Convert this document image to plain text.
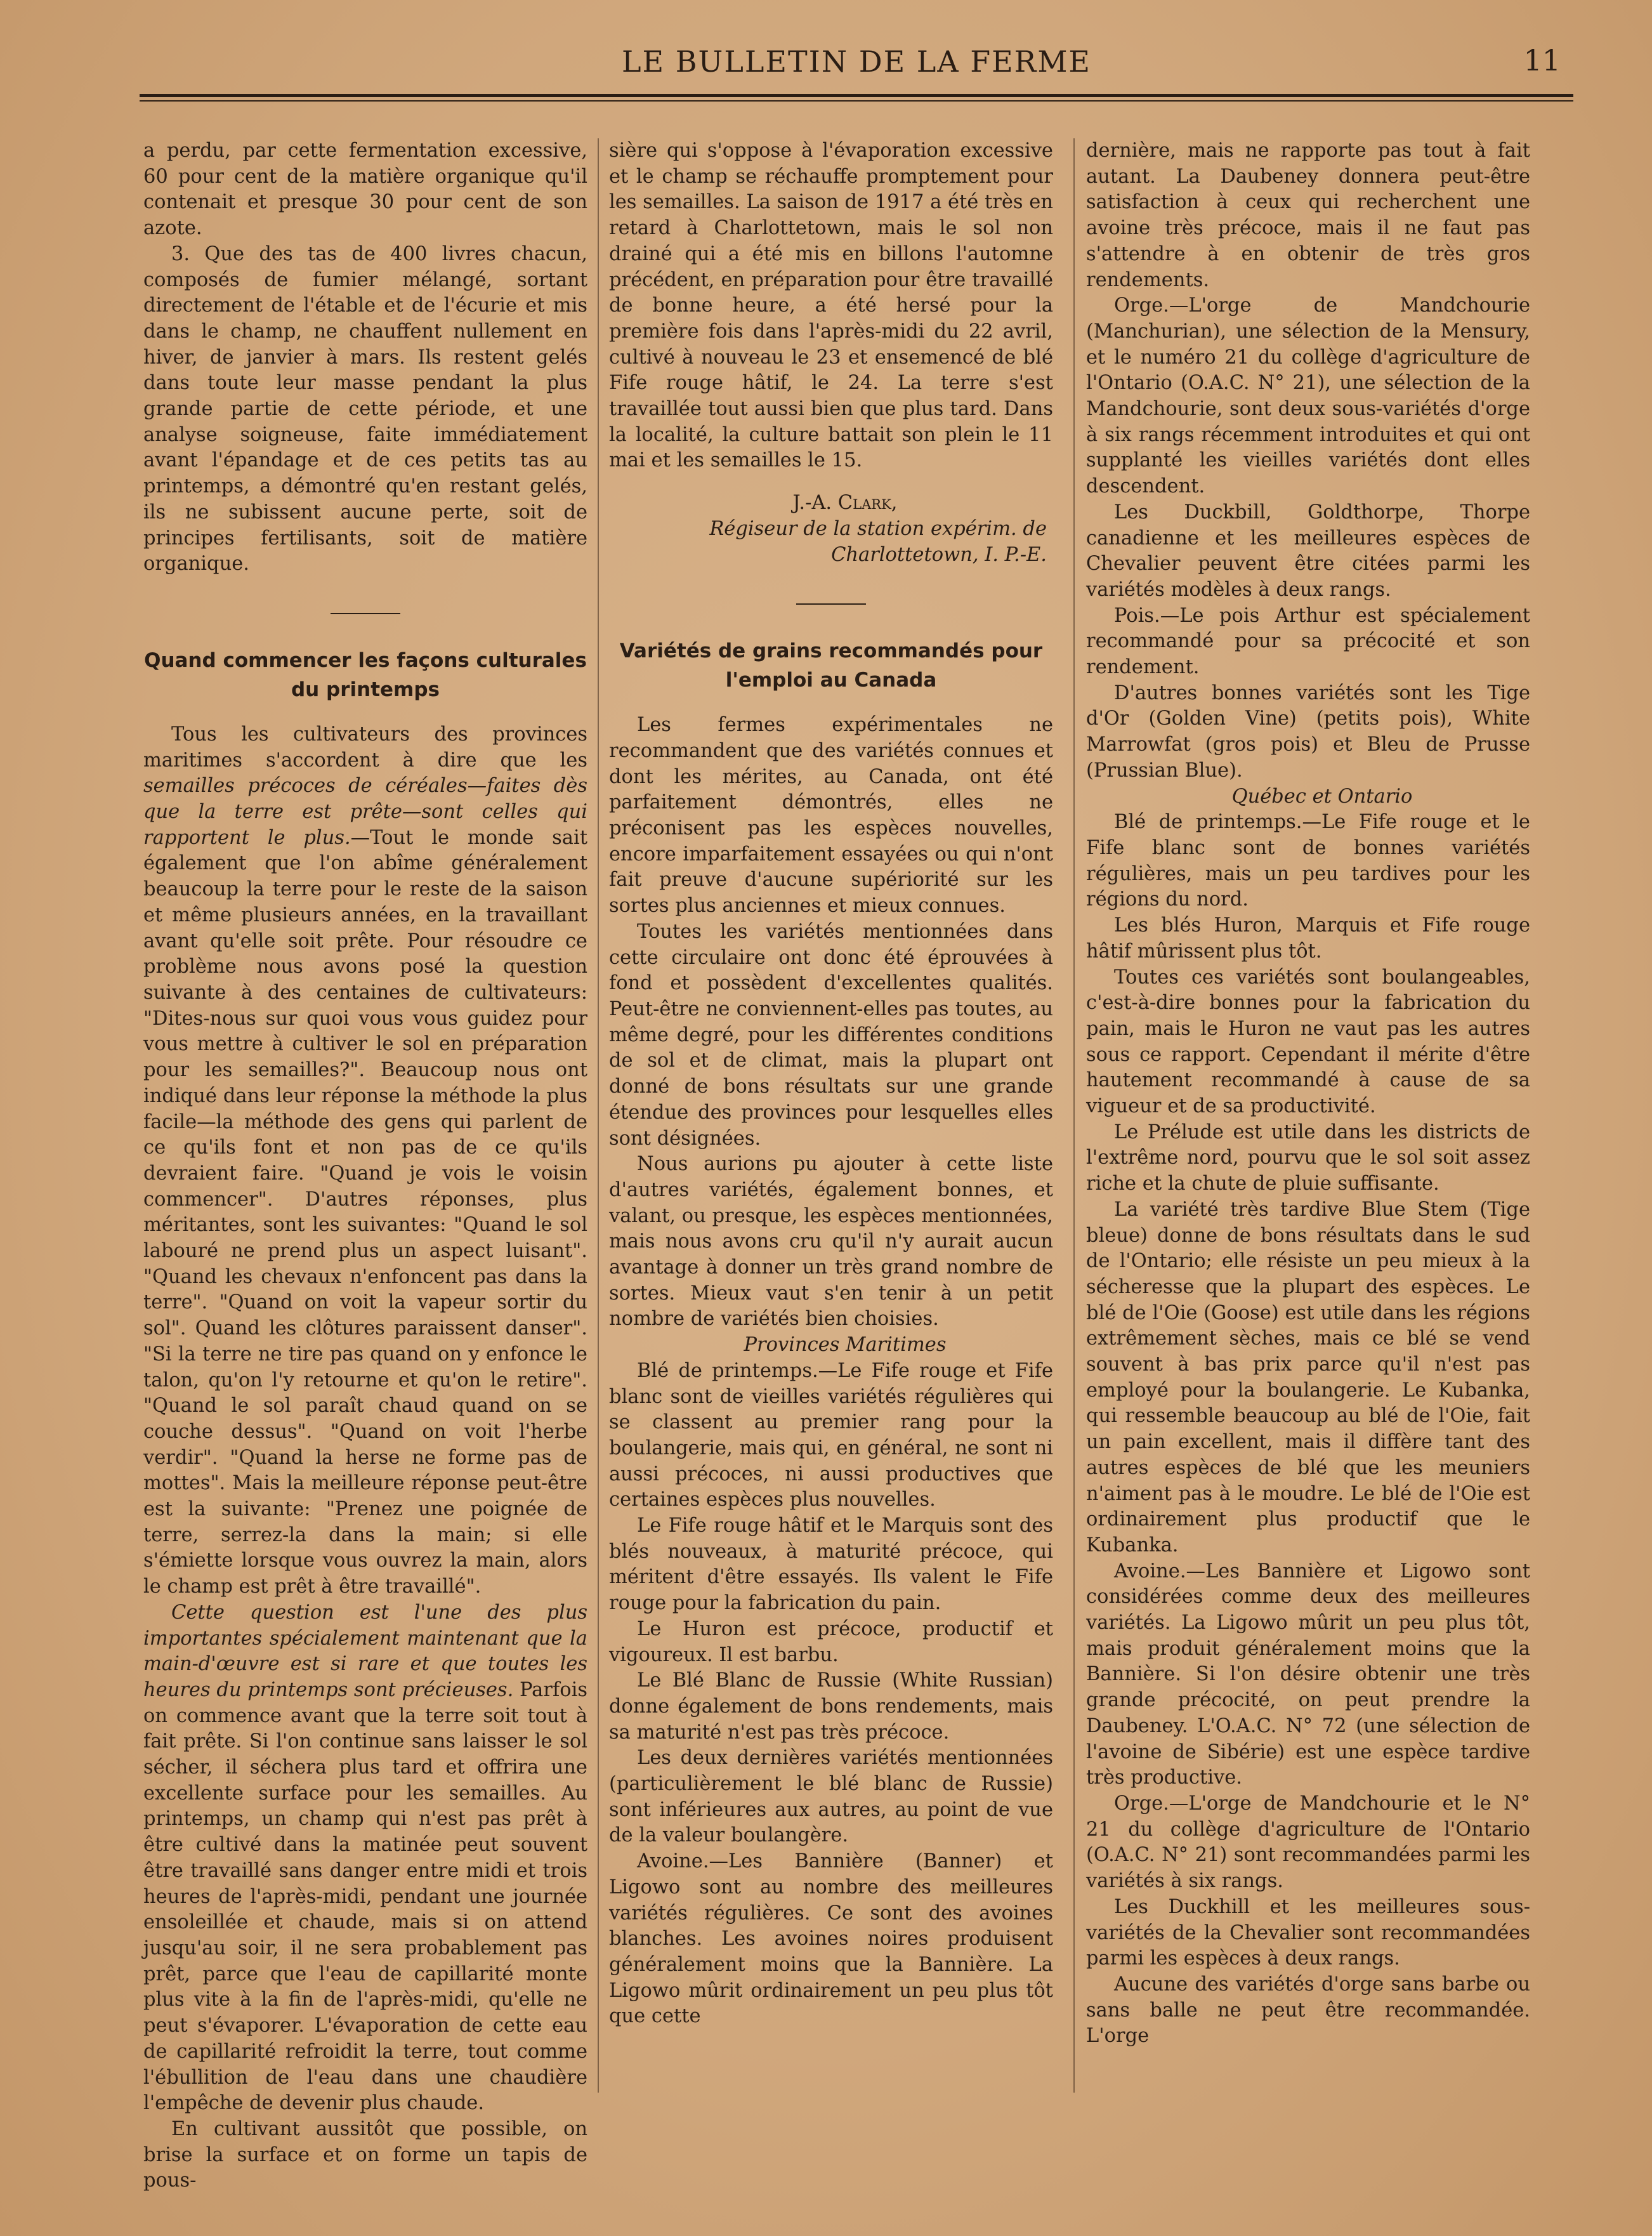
LE BULLETIN DE LA FERME	11

a perdu, par cette fermentation excessive, 60 pour cent de la matière organique qu'il contenait et presque 30 pour cent de son azote.

3. Que des tas de 400 livres chacun, composés de fumier mélangé, sortant directement de l'étable et de l'écurie et mis dans le champ, ne chauffent nullement en hiver, de janvier à mars. Ils restent gelés dans toute leur masse pendant la plus grande partie de cette période, et une analyse soigneuse, faite immédiatement avant l'épandage et de ces petits tas au printemps, a démontré qu'en restant gelés, ils ne subissent aucune perte, soit de principes fertilisants, soit de matière organique.

Quand commencer les façons culturales
du printemps

Tous les cultivateurs des provinces maritimes s'accordent à dire que les semailles précoces de céréales—faites dès que la terre est prête—sont celles qui rapportent le plus.—Tout le monde sait également que l'on abîme généralement beaucoup la terre pour le reste de la saison et même plusieurs années, en la travaillant avant qu'elle soit prête. Pour résoudre ce problème nous avons posé la question suivante à des centaines de cultivateurs: "Dites-nous sur quoi vous vous guidez pour vous mettre à cultiver le sol en préparation pour les semailles?". Beaucoup nous ont indiqué dans leur réponse la méthode la plus facile—la méthode des gens qui parlent de ce qu'ils font et non pas de ce qu'ils devraient faire. "Quand je vois le voisin commencer". D'autres réponses, plus méritantes, sont les suivantes: "Quand le sol labouré ne prend plus un aspect luisant". "Quand les chevaux n'enfoncent pas dans la terre". "Quand on voit la vapeur sortir du sol". Quand les clôtures paraissent danser". "Si la terre ne tire pas quand on y enfonce le talon, qu'on l'y retourne et qu'on le retire". "Quand le sol paraît chaud quand on se couche dessus". "Quand on voit l'herbe verdir". "Quand la herse ne forme pas de mottes". Mais la meilleure réponse peut-être est la suivante: "Prenez une poignée de terre, serrez-la dans la main; si elle s'émiette lorsque vous ouvrez la main, alors le champ est prêt à être travaillé".

Cette question est l'une des plus importantes spécialement maintenant que la main-d'œuvre est si rare et que toutes les heures du printemps sont précieuses. Parfois on commence avant que la terre soit tout à fait prête. Si l'on continue sans laisser le sol sécher, il séchera plus tard et offrira une excellente surface pour les semailles. Au printemps, un champ qui n'est pas prêt à être cultivé dans la matinée peut souvent être travaillé sans danger entre midi et trois heures de l'après-midi, pendant une journée ensoleillée et chaude, mais si on attend jusqu'au soir, il ne sera probablement pas prêt, parce que l'eau de capillarité monte plus vite à la fin de l'après-midi, qu'elle ne peut s'évaporer. L'évaporation de cette eau de capillarité refroidit la terre, tout comme l'ébullition de l'eau dans une chaudière l'empêche de devenir plus chaude.

En cultivant aussitôt que possible, on brise la surface et on forme un tapis de pous-

sière qui s'oppose à l'évaporation excessive et le champ se réchauffe promptement pour les semailles. La saison de 1917 a été très en retard à Charlottetown, mais le sol non drainé qui a été mis en billons l'automne précédent, en préparation pour être travaillé de bonne heure, a été hersé pour la première fois dans l'après-midi du 22 avril, cultivé à nouveau le 23 et ensemencé de blé Fife rouge hâtif, le 24. La terre s'est travaillée tout aussi bien que plus tard. Dans la localité, la culture battait son plein le 11 mai et les semailles le 15.

J.-A. Clark,

Régiseur de la station expérim. de

Charlottetown, I. P.-E.

Variétés de grains recommandés pour
l'emploi au Canada

Les fermes expérimentales ne recommandent que des variétés connues et dont les mérites, au Canada, ont été parfaitement démontrés, elles ne préconisent pas les espèces nouvelles, encore imparfaitement essayées ou qui n'ont fait preuve d'aucune supériorité sur les sortes plus anciennes et mieux connues.

Toutes les variétés mentionnées dans cette circulaire ont donc été éprouvées à fond et possèdent d'excellentes qualités. Peut-être ne conviennent-elles pas toutes, au même degré, pour les différentes conditions de sol et de climat, mais la plupart ont donné de bons résultats sur une grande étendue des provinces pour lesquelles elles sont désignées.

Nous aurions pu ajouter à cette liste d'autres variétés, également bonnes, et valant, ou presque, les espèces mentionnées, mais nous avons cru qu'il n'y aurait aucun avantage à donner un très grand nombre de sortes. Mieux vaut s'en tenir à un petit nombre de variétés bien choisies.

Provinces Maritimes

Blé de printemps.—Le Fife rouge et Fife blanc sont de vieilles variétés régulières qui se classent au premier rang pour la boulangerie, mais qui, en général, ne sont ni aussi précoces, ni aussi productives que certaines espèces plus nouvelles.

Le Fife rouge hâtif et le Marquis sont des blés nouveaux, à maturité précoce, qui méritent d'être essayés. Ils valent le Fife rouge pour la fabrication du pain.

Le Huron est précoce, productif et vigoureux. Il est barbu.

Le Blé Blanc de Russie (White Russian) donne également de bons rendements, mais sa maturité n'est pas très précoce.

Les deux dernières variétés mentionnées (particulièrement le blé blanc de Russie) sont inférieures aux autres, au point de vue de la valeur boulangère.

Avoine.—Les Bannière (Banner) et Ligowo sont au nombre des meilleures variétés régulières. Ce sont des avoines blanches. Les avoines noires produisent généralement moins que la Bannière. La Ligowo mûrit ordinairement un peu plus tôt que cette

dernière, mais ne rapporte pas tout à fait autant. La Daubeney donnera peut-être satisfaction à ceux qui recherchent une avoine très précoce, mais il ne faut pas s'attendre à en obtenir de très gros rendements.

Orge.—L'orge de Mandchourie (Manchurian), une sélection de la Mensury, et le numéro 21 du collège d'agriculture de l'Ontario (O.A.C. N° 21), une sélection de la Mandchourie, sont deux sous-variétés d'orge à six rangs récemment introduites et qui ont supplanté les vieilles variétés dont elles descendent.

Les Duckbill, Goldthorpe, Thorpe canadienne et les meilleures espèces de Chevalier peuvent être citées parmi les variétés modèles à deux rangs.

Pois.—Le pois Arthur est spécialement recommandé pour sa précocité et son rendement.

D'autres bonnes variétés sont les Tige d'Or (Golden Vine) (petits pois), White Marrowfat (gros pois) et Bleu de Prusse (Prussian Blue).

Québec et Ontario

Blé de printemps.—Le Fife rouge et le Fife blanc sont de bonnes variétés régulières, mais un peu tardives pour les régions du nord.

Les blés Huron, Marquis et Fife rouge hâtif mûrissent plus tôt.

Toutes ces variétés sont boulangeables, c'est-à-dire bonnes pour la fabrication du pain, mais le Huron ne vaut pas les autres sous ce rapport. Cependant il mérite d'être hautement recommandé à cause de sa vigueur et de sa productivité.

Le Prélude est utile dans les districts de l'extrême nord, pourvu que le sol soit assez riche et la chute de pluie suffisante.

La variété très tardive Blue Stem (Tige bleue) donne de bons résultats dans le sud de l'Ontario; elle résiste un peu mieux à la sécheresse que la plupart des espèces. Le blé de l'Oie (Goose) est utile dans les régions extrêmement sèches, mais ce blé se vend souvent à bas prix parce qu'il n'est pas employé pour la boulangerie. Le Kubanka, qui ressemble beaucoup au blé de l'Oie, fait un pain excellent, mais il diffère tant des autres espèces de blé que les meuniers n'aiment pas à le moudre. Le blé de l'Oie est ordinairement plus productif que le Kubanka.

Avoine.—Les Bannière et Ligowo sont considérées comme deux des meilleures variétés. La Ligowo mûrit un peu plus tôt, mais produit généralement moins que la Bannière. Si l'on désire obtenir une très grande précocité, on peut prendre la Daubeney. L'O.A.C. N° 72 (une sélection de l'avoine de Sibérie) est une espèce tardive très productive.

Orge.—L'orge de Mandchourie et le N° 21 du collège d'agriculture de l'Ontario (O.A.C. N° 21) sont recommandées parmi les variétés à six rangs.

Les Duckhill et les meilleures sous-variétés de la Chevalier sont recommandées parmi les espèces à deux rangs.

Aucune des variétés d'orge sans barbe ou sans balle ne peut être recommandée. L'orge
